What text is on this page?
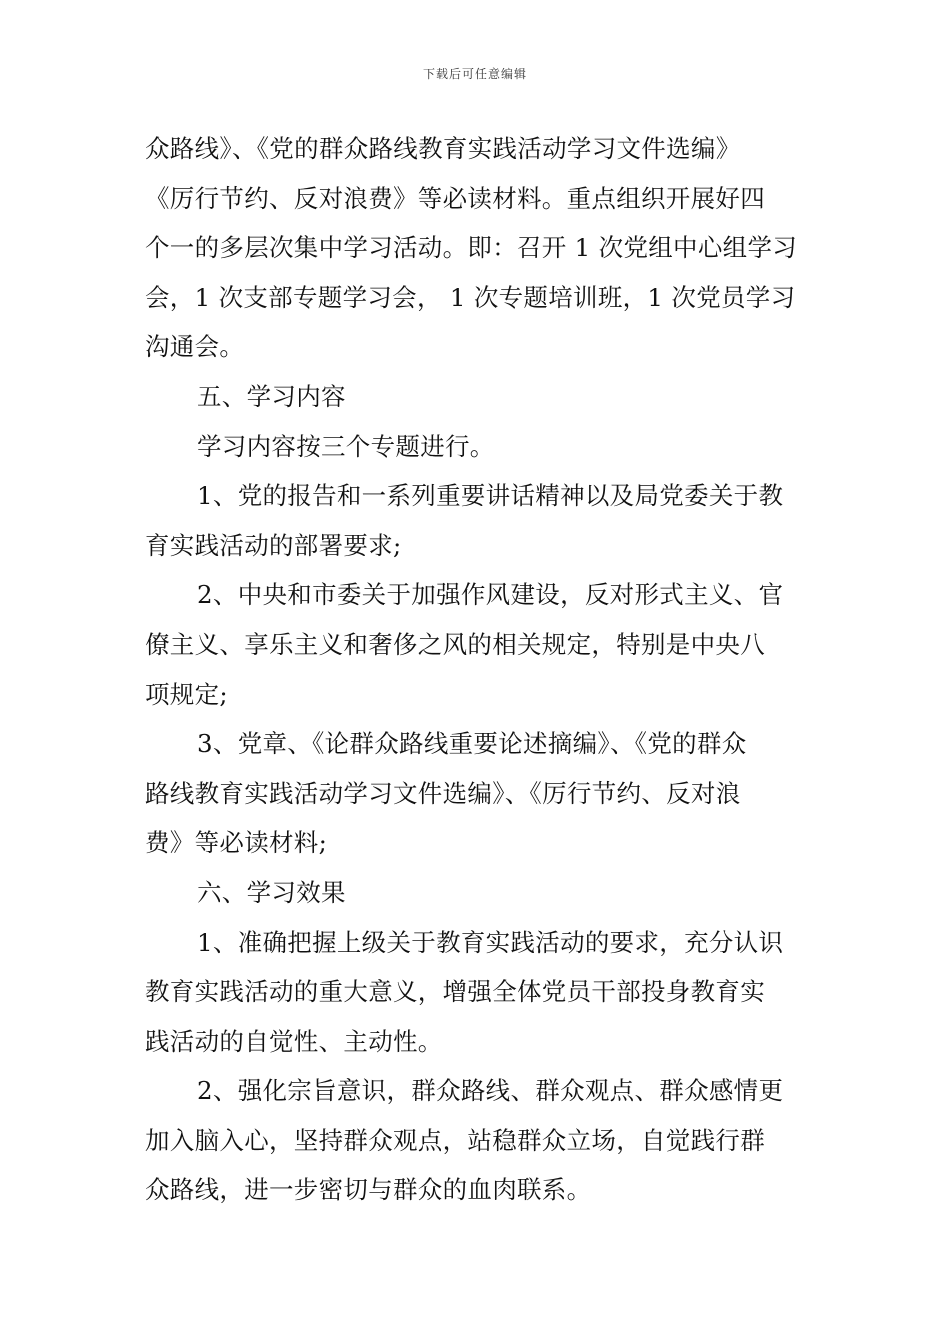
下载后可任意编辑
众路线》、《党的群众路线教育实践活动学习文件选编》
《厉行节约、反对浪费》等必读材料。重点组织开展好四
个一的多层次集中学习活动。即：召开 1 次党组中心组学习
会，1 次支部专题学习会， 1 次专题培训班，1 次党员学习
沟通会。
五、学习内容
学习内容按三个专题进行。
1、党的报告和一系列重要讲话精神以及局党委关于教
育实践活动的部署要求;
2、中央和市委关于加强作风建设，反对形式主义、官
僚主义、享乐主义和奢侈之风的相关规定，特别是中央八
项规定;
3、党章、《论群众路线重要论述摘编》、《党的群众
路线教育实践活动学习文件选编》、《厉行节约、反对浪
费》等必读材料;
六、学习效果
1、准确把握上级关于教育实践活动的要求，充分认识
教育实践活动的重大意义，增强全体党员干部投身教育实
践活动的自觉性、主动性。
2、强化宗旨意识，群众路线、群众观点、群众感情更
加入脑入心，坚持群众观点，站稳群众立场，自觉践行群
众路线，进一步密切与群众的血肉联系。
